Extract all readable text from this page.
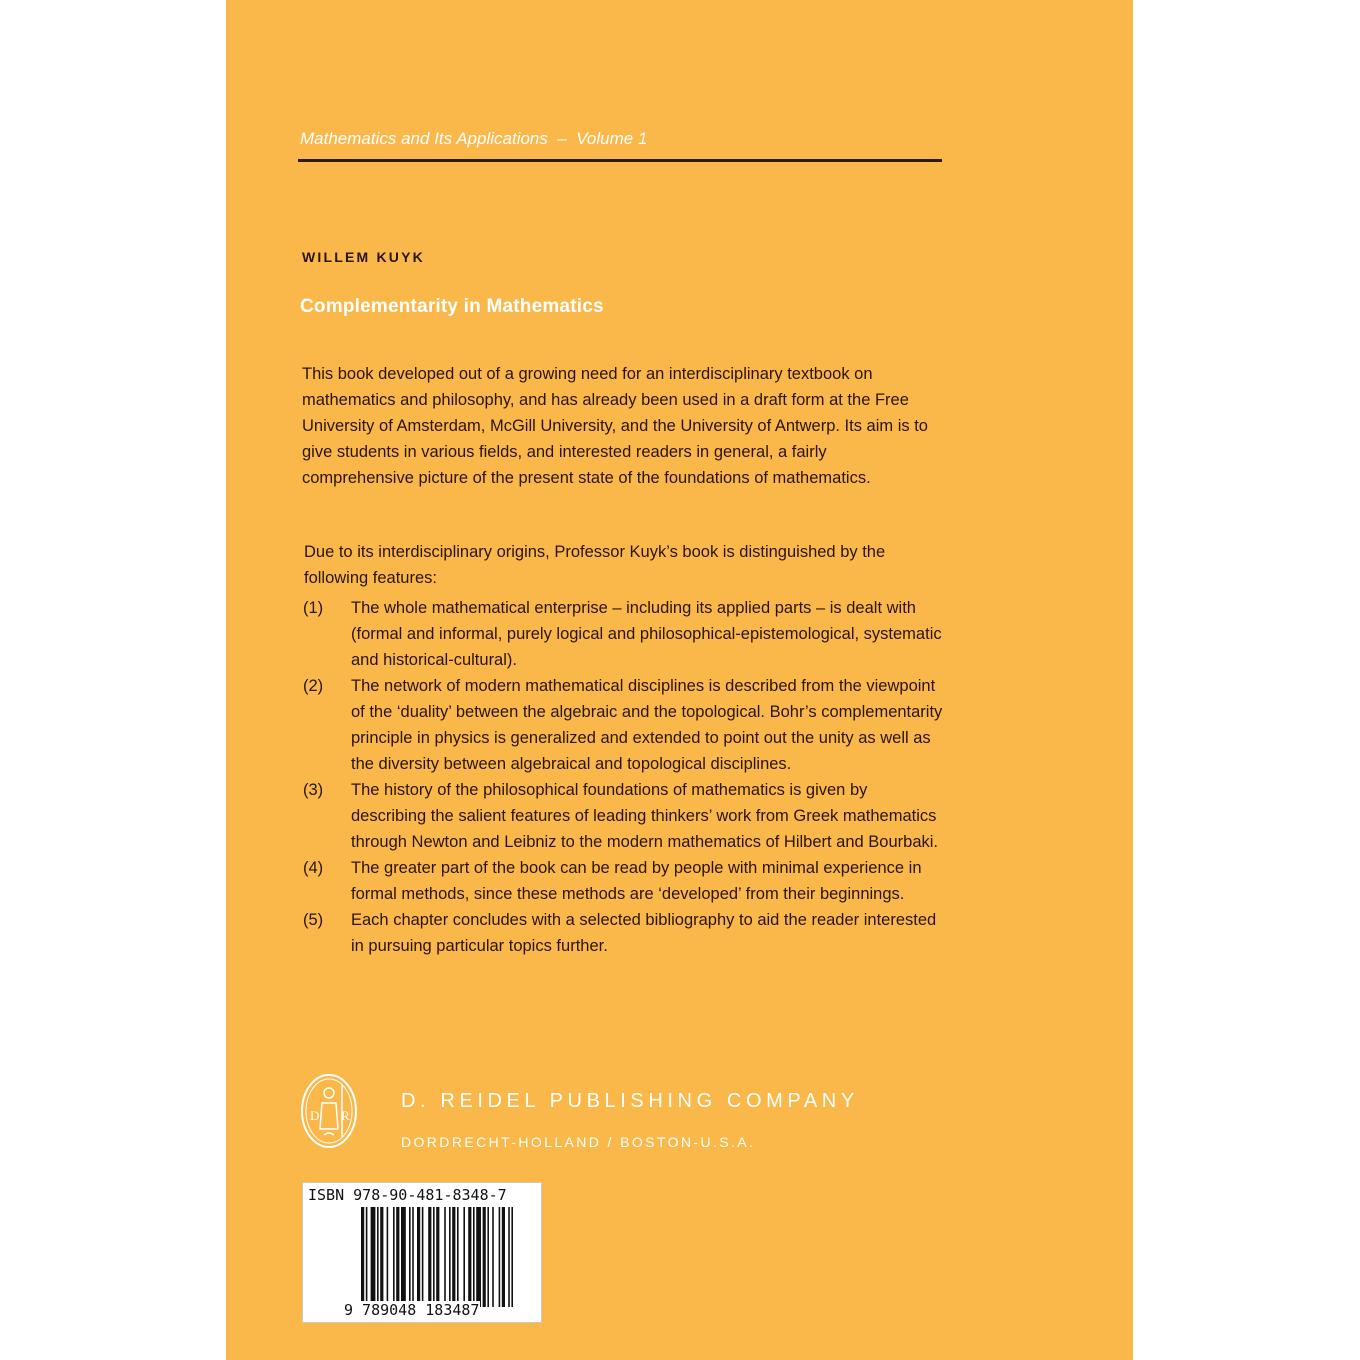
Mathematics and Its Applications  –  Volume 1
WILLEM KUYK
Complementarity in Mathematics

This book developed out of a growing need for an interdisciplinary textbook on mathematics and philosophy, and has already been used in a draft form at the Free University of Amsterdam, McGill University, and the University of Antwerp. Its aim is to give students in various fields, and interested readers in general, a fairly comprehensive picture of the present state of the foundations of mathematics.

Due to its interdisciplinary origins, Professor Kuyk’s book is distinguished by the following features:

(1)	The whole mathematical enterprise – including its applied parts – is dealt with (formal and informal, purely logical and philosophical-epistemological, systematic and historical-cultural).
(2)	The network of modern mathematical disciplines is described from the viewpoint of the ‘duality’ between the algebraic and the topological. Bohr’s complementarity principle in physics is generalized and extended to point out the unity as well as the diversity between algebraical and topological disciplines.
(3)	The history of the philosophical foundations of mathematics is given by describing the salient features of leading thinkers’ work from Greek mathematics through Newton and Leibniz to the modern mathematics of Hilbert and Bourbaki.
(4)	The greater part of the book can be read by people with minimal experience in formal methods, since these methods are ‘developed’ from their beginnings.
(5)	Each chapter concludes with a selected bibliography to aid the reader interested in pursuing particular topics further.
D R
D. REIDEL PUBLISHING COMPANY
DORDRECHT-HOLLAND / BOSTON-U.S.A.
ISBN 978-90-481-8348-7
9 789048 183487
